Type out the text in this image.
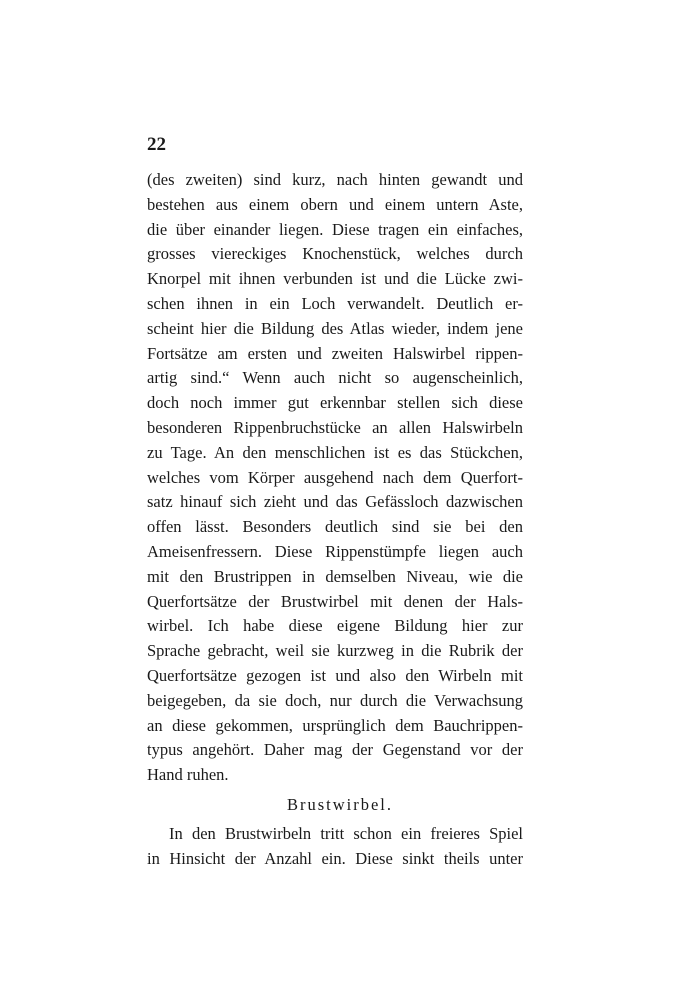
22
(des zweiten) sind kurz, nach hinten gewandt und
bestehen aus einem obern und einem untern Aste,
die über einander liegen. Diese tragen ein einfaches,
grosses viereckiges Knochenstück, welches durch
Knorpel mit ihnen verbunden ist und die Lücke zwi-
schen ihnen in ein Loch verwandelt. Deutlich er-
scheint hier die Bildung des Atlas wieder, indem jene
Fortsätze am ersten und zweiten Halswirbel rippen-
artig sind.“ Wenn auch nicht so augenscheinlich,
doch noch immer gut erkennbar stellen sich diese
besonderen Rippenbruchstücke an allen Halswirbeln
zu Tage. An den menschlichen ist es das Stückchen,
welches vom Körper ausgehend nach dem Querfort-
satz hinauf sich zieht und das Gefässloch dazwischen
offen lässt. Besonders deutlich sind sie bei den
Ameisenfressern. Diese Rippenstümpfe liegen auch
mit den Brustrippen in demselben Niveau, wie die
Querfortsätze der Brustwirbel mit denen der Hals-
wirbel. Ich habe diese eigene Bildung hier zur
Sprache gebracht, weil sie kurzweg in die Rubrik der
Querfortsätze gezogen ist und also den Wirbeln mit
beigegeben, da sie doch, nur durch die Verwachsung
an diese gekommen, ursprünglich dem Bauchrippen-
typus angehört. Daher mag der Gegenstand vor der
Hand ruhen.
Brustwirbel.
In den Brustwirbeln tritt schon ein freieres Spiel
in Hinsicht der Anzahl ein. Diese sinkt theils unter
